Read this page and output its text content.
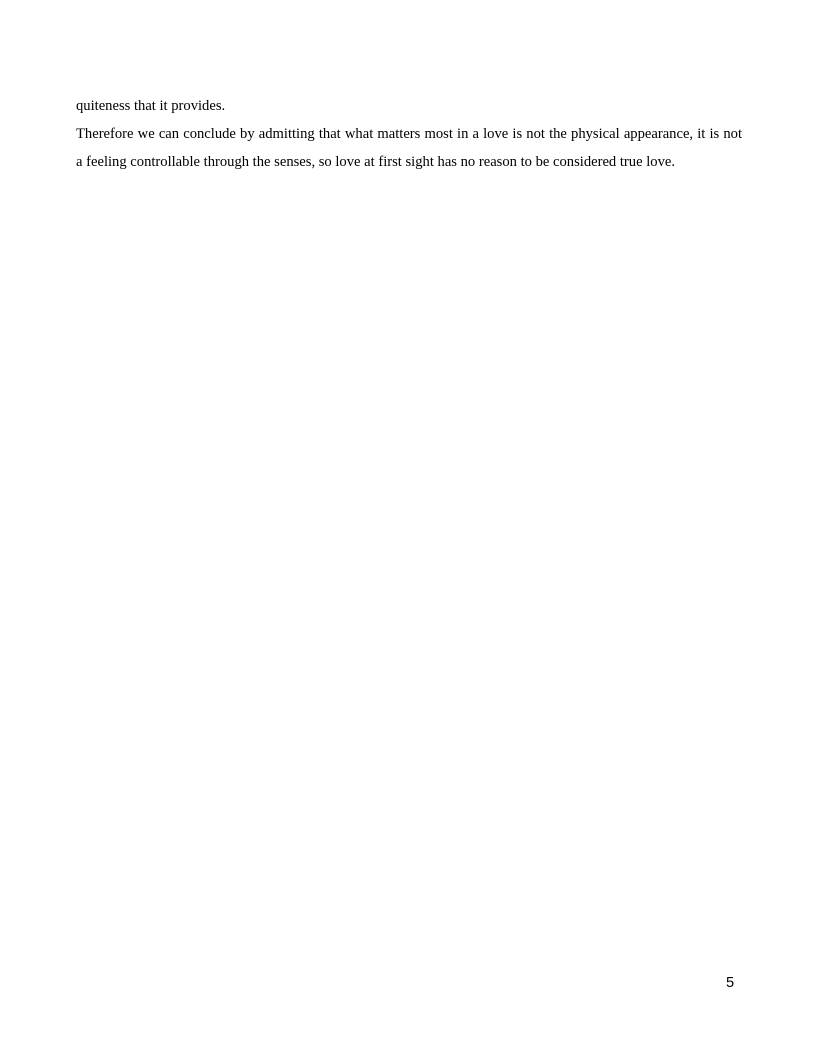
quiteness that it provides.

Therefore we can conclude by admitting that what matters most in a love is not the physical appearance, it is not a feeling controllable through the senses, so love at first sight has no reason to be considered true love.

5
